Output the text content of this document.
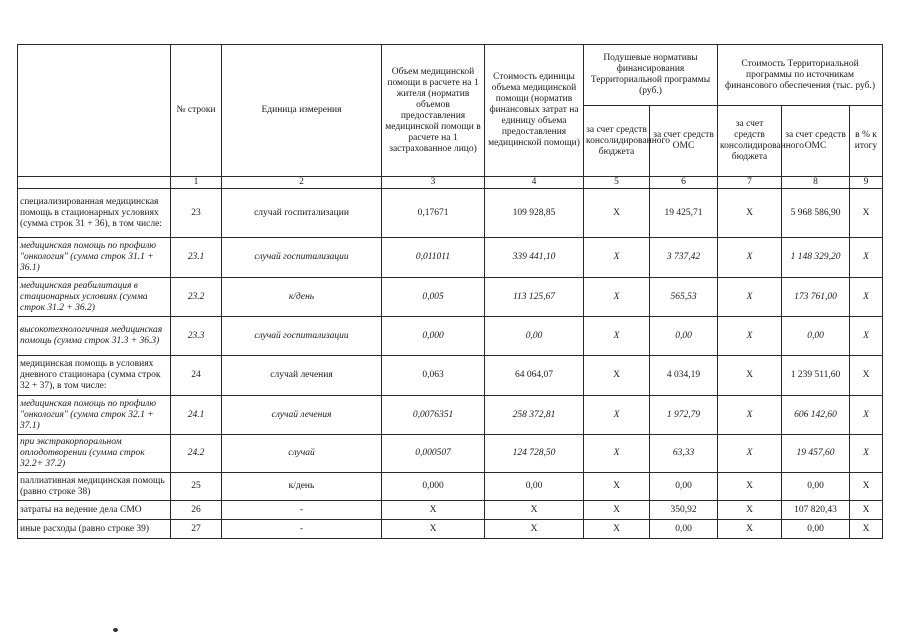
	№ строки	Единица измерения	Объем медицинской помощи в расчете на 1 жителя (норматив объемов предоставления медицинской помощи в расчете на 1 застрахованное лицо)	Стоимость единицы объема медицинской помощи (норматив финансовых затрат на единицу объема предоставления медицинской помощи)	Подушевые нормативы финансирования Территориальной программы (руб.)		Стоимость Территориальной программы по источникам финансового обеспечения (тыс. руб.)		
					за счет средств консолидированного бюджета	за счет средств ОМС	за счет средств консолидированного бюджета	за счет средств ОМС	в % к итогу
	1	2	3	4	5	6	7	8	9
специализированная медицинская помощь в стационарных условиях (сумма строк 31 + 36), в том числе:	23	случай госпитализации	0,17671	109 928,85	X	19 425,71	X	5 968 586,90	X
медицинская помощь по профилю "онкология" (сумма строк 31.1 + 36.1)	23.1	случай госпитализации	0,011011	339 441,10	X	3 737,42	X	1 148 329,20	X
медицинская реабилитация в стационарных условиях (сумма строк 31.2 + 36.2)	23.2	к/день	0,005	113 125,67	X	565,53	X	173 761,00	X
высокотехнологичная медицинская помощь (сумма строк 31.3 + 36.3)	23.3	случай госпитализации	0,000	0,00	X	0,00	X	0,00	X
медицинская помощь в условиях дневного стационара (сумма строк 32 + 37), в том числе:	24	случай лечения	0,063	64 064,07	X	4 034,19	X	1 239 511,60	X
медицинская помощь по профилю "онкология" (сумма строк 32.1 + 37.1)	24.1	случай лечения	0,0076351	258 372,81	X	1 972,79	X	606 142,60	X
при экстракорпоральном оплодотворении (сумма строк 32.2+ 37.2)	24.2	случай	0,000507	124 728,50	X	63,33	X	19 457,60	X
паллиативная медицинская помощь (равно строке 38)	25	к/день	0,000	0,00	X	0,00	X	0,00	X
затраты на ведение дела СМО	26	-	X	X	X	350,92	X	107 820,43	X
иные расходы (равно строке 39)	27	-	X	X	X	0,00	X	0,00	X
